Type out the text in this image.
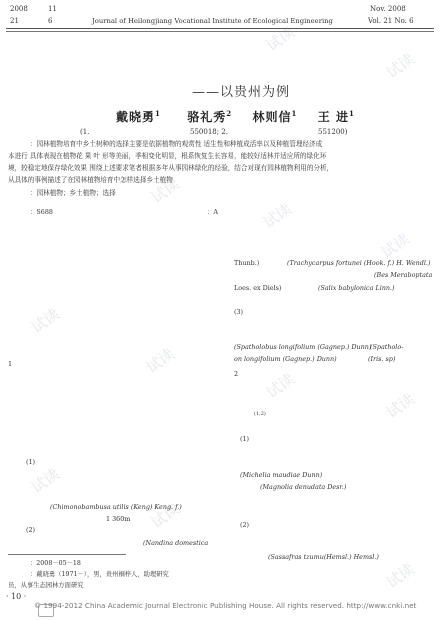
试读
试读
试读
试读
试读
试读
试读
试读
试读
试读
试读
试读
2008	11
21	6	Journal of Heilongjiang Vocational Institute of Ecological Engineering
Nov. 2008
Vol. 21 No. 6
——以贵州为例
戴晓勇$^1$ 骆礼秀$^2$ 林则信$^1$ 王 进$^1$
(1.	550018; 2.	551200)
：园林植物培育中乡土树种的选择主要是依据植物的观赏性 适生性和种植成活率以及种植管理经济成
本进行 具体表现在植物花 果 叶 形等美丽，季相变化明显，根系恢复生长容易，能较好适林并适应所的绿化环
境，较稳定地保存绿化效果 围绕上述要求笔者根据多年从事园林绿化的经验，结合对现有园林植物利用的分析，
从具体的事例描述了在园林植物培育中怎样选择乡土植物
：园林植物；乡土植物；选择
：S688	：A
Thunb.)	(Trachycarpus fortunei (Hook. f.) H. Wendl.)
(Bes Meraboptata
Loes. ex Diels)	(Salix babylonica Linn.)
(3)
(Spatholobus longifolium (Gagnep.) Dunn)
(Spatholo-
on longifolium (Gagnep.) Dunn)	(Iris. sp)
2
1
(1,2)
(1)
(1)
(Michelia maudiae Dunn)
(Magnolia denudata Desr.)
(Chimonobambusa utilis (Keng) Keng. f.)
1 360m
(2)
(2)
(Nandina domestica
(Sassafras tzumu(Hemsl.) Hemsl.)
：2008－05－18
：戴晓勇（1971－），男，贵州桐梓人，助理研究
员，从事生态园林方面研究
· 10 ·
© 1994-2012 China Academic Journal Electronic Publishing House. All rights reserved. http://www.cnki.net
